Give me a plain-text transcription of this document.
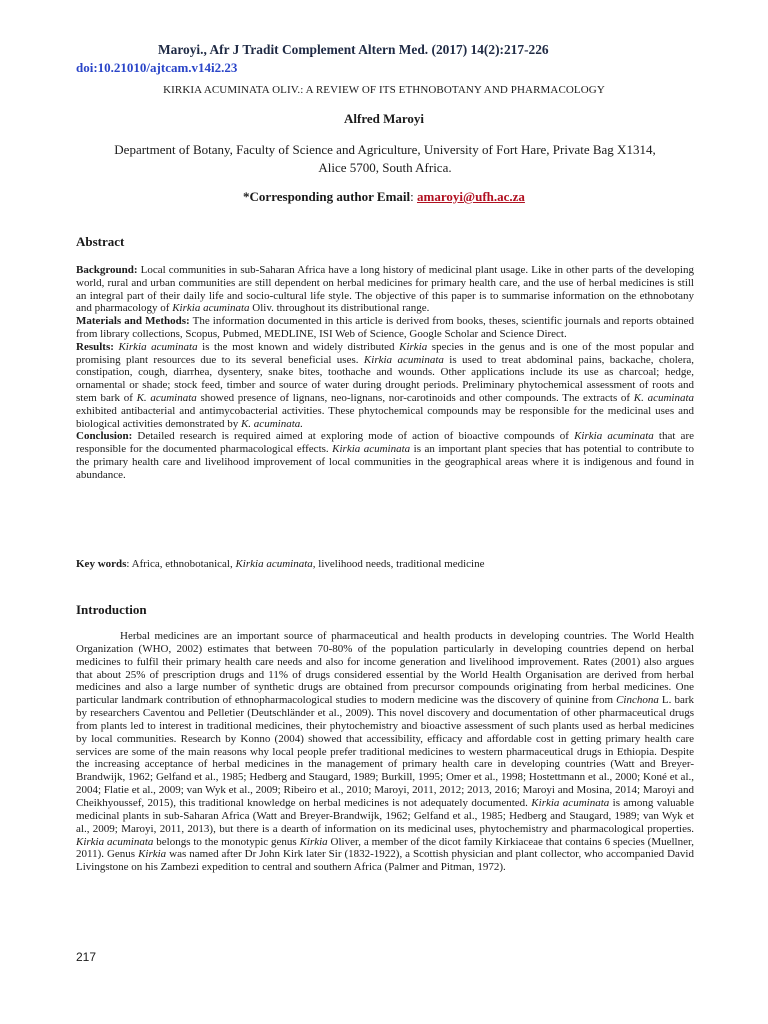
Maroyi., Afr J Tradit Complement Altern Med. (2017) 14(2):217-226
doi:10.21010/ajtcam.v14i2.23
KIRKIA ACUMINATA OLIV.: A REVIEW OF ITS ETHNOBOTANY AND PHARMACOLOGY
Alfred Maroyi
Department of Botany, Faculty of Science and Agriculture, University of Fort Hare, Private Bag X1314,
Alice 5700, South Africa.
*Corresponding author Email: amaroyi@ufh.ac.za
Abstract

Background: Local communities in sub-Saharan Africa have a long history of medicinal plant usage. Like in other parts of the developing world, rural and urban communities are still dependent on herbal medicines for primary health care, and the use of herbal medicines is still an integral part of their daily life and socio-cultural life style. The objective of this paper is to summarise information on the ethnobotany and pharmacology of Kirkia acuminata Oliv. throughout its distributional range.

Materials and Methods: The information documented in this article is derived from books, theses, scientific journals and reports obtained from library collections, Scopus, Pubmed, MEDLINE, ISI Web of Science, Google Scholar and Science Direct.

Results: Kirkia acuminata is the most known and widely distributed Kirkia species in the genus and is one of the most popular and promising plant resources due to its several beneficial uses. Kirkia acuminata is used to treat abdominal pains, backache, cholera, constipation, cough, diarrhea, dysentery, snake bites, toothache and wounds. Other applications include its use as charcoal; hedge, ornamental or shade; stock feed, timber and source of water during drought periods. Preliminary phytochemical assessment of roots and stem bark of K. acuminata showed presence of lignans, neo-lignans, nor-carotinoids and other compounds. The extracts of K. acuminata exhibited antibacterial and antimycobacterial activities. These phytochemical compounds may be responsible for the medicinal uses and biological activities demonstrated by K. acuminata.

Conclusion: Detailed research is required aimed at exploring mode of action of bioactive compounds of Kirkia acuminata that are responsible for the documented pharmacological effects. Kirkia acuminata is an important plant species that has potential to contribute to the primary health care and livelihood improvement of local communities in the geographical areas where it is indigenous and found in abundance.

Key words: Africa, ethnobotanical, Kirkia acuminata, livelihood needs, traditional medicine
Introduction

Herbal medicines are an important source of pharmaceutical and health products in developing countries. The World Health Organization (WHO, 2002) estimates that between 70-80% of the population particularly in developing countries depend on herbal medicines to fulfil their primary health care needs and also for income generation and livelihood improvement. Rates (2001) also argues that about 25% of prescription drugs and 11% of drugs considered essential by the World Health Organisation are derived from herbal medicines and also a large number of synthetic drugs are obtained from precursor compounds originating from herbal medicines. One particular landmark contribution of ethnopharmacological studies to modern medicine was the discovery of quinine from Cinchona L. bark by researchers Caventou and Pelletier (Deutschländer et al., 2009). This novel discovery and documentation of other pharmaceutical drugs from plants led to interest in traditional medicines, their phytochemistry and bioactive assessment of such plants used as herbal medicines by local communities. Research by Konno (2004) showed that accessibility, efficacy and affordable cost in getting primary health care services are some of the main reasons why local people prefer traditional medicines to western pharmaceutical drugs in Ethiopia. Despite the increasing acceptance of herbal medicines in the management of primary health care in developing countries (Watt and Breyer-Brandwijk, 1962; Gelfand et al., 1985; Hedberg and Staugard, 1989; Burkill, 1995; Omer et al., 1998; Hostettmann et al., 2000; Koné et al., 2004; Flatie et al., 2009; van Wyk et al., 2009; Ribeiro et al., 2010; Maroyi, 2011, 2012; 2013, 2016; Maroyi and Mosina, 2014; Maroyi and Cheikhyoussef, 2015), this traditional knowledge on herbal medicines is not adequately documented. Kirkia acuminata is among valuable medicinal plants in sub-Saharan Africa (Watt and Breyer-Brandwijk, 1962; Gelfand et al., 1985; Hedberg and Staugard, 1989; van Wyk et al., 2009; Maroyi, 2011, 2013), but there is a dearth of information on its medicinal uses, phytochemistry and pharmacological properties. Kirkia acuminata belongs to the monotypic genus Kirkia Oliver, a member of the dicot family Kirkiaceae that contains 6 species (Muellner, 2011). Genus Kirkia was named after Dr John Kirk later Sir (1832-1922), a Scottish physician and plant collector, who accompanied David Livingstone on his Zambezi expedition to central and southern Africa (Palmer and Pitman, 1972).

217
